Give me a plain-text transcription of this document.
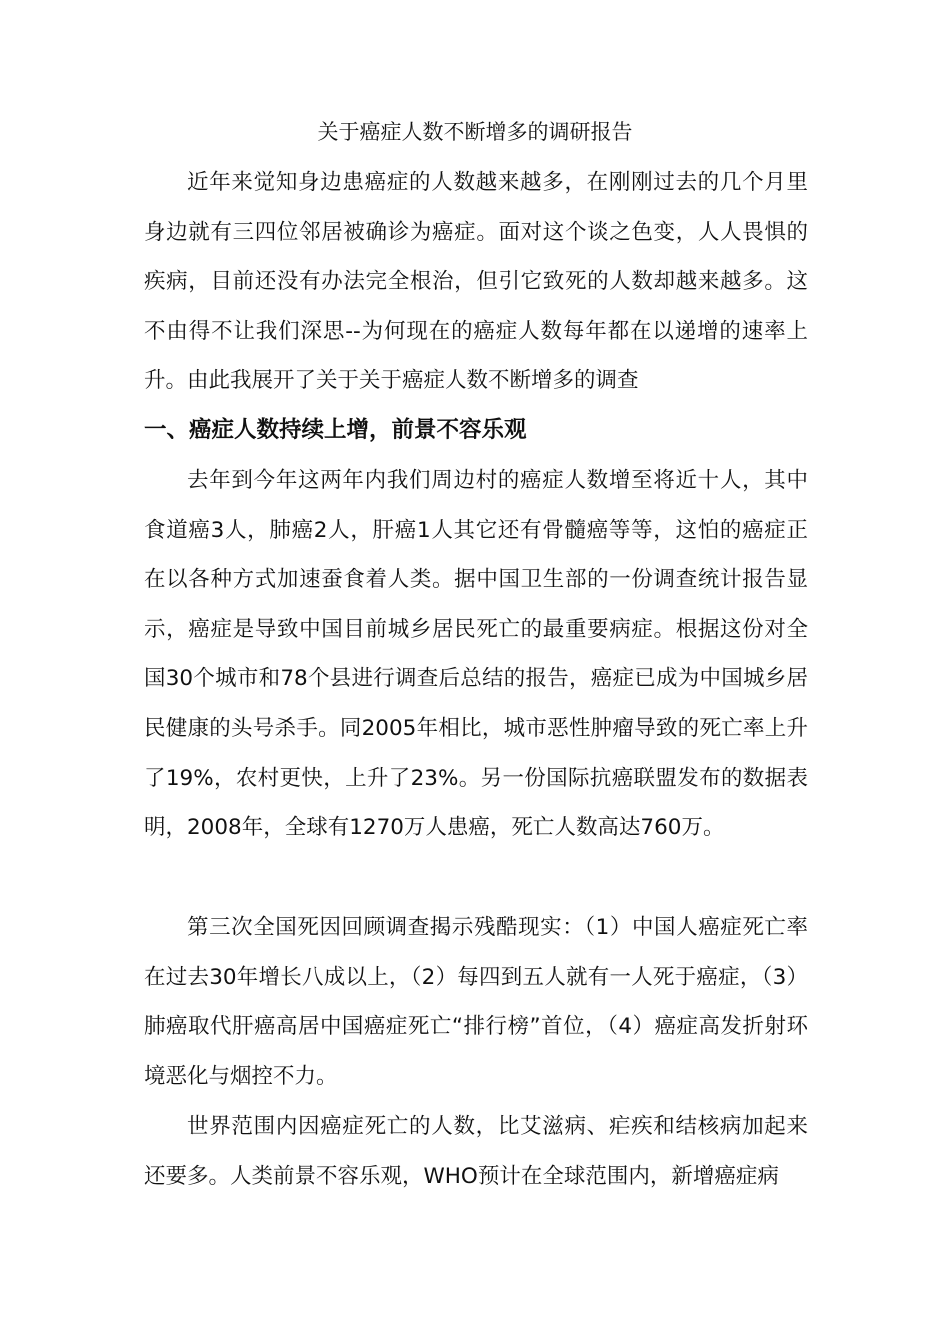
关于癌症人数不断增多的调研报告

近年来觉知身边患癌症的人数越来越多，在刚刚过去的几个月里身边就有三四位邻居被确诊为癌症。面对这个谈之色变，人人畏惧的疾病，目前还没有办法完全根治，但引它致死的人数却越来越多。这不由得不让我们深思--为何现在的癌症人数每年都在以递增的速率上升。由此我展开了关于关于癌症人数不断增多的调查

一、癌症人数持续上增，前景不容乐观

去年到今年这两年内我们周边村的癌症人数增至将近十人，其中食道癌3人，肺癌2人，肝癌1人其它还有骨髓癌等等，这怕的癌症正在以各种方式加速蚕食着人类。据中国卫生部的一份调查统计报告显示，癌症是导致中国目前城乡居民死亡的最重要病症。根据这份对全国30个城市和78个县进行调查后总结的报告，癌症已成为中国城乡居民健康的头号杀手。同2005年相比，城市恶性肿瘤导致的死亡率上升了19%，农村更快，上升了23%。另一份国际抗癌联盟发布的数据表明，2008年，全球有1270万人患癌，死亡人数高达760万。

第三次全国死因回顾调查揭示残酷现实：（1）中国人癌症死亡率在过去30年增长八成以上，（2）每四到五人就有一人死于癌症，（3）肺癌取代肝癌高居中国癌症死亡“排行榜”首位，（4）癌症高发折射环境恶化与烟控不力。

世界范围内因癌症死亡的人数，比艾滋病、疟疾和结核病加起来还要多。人类前景不容乐观，WHO预计在全球范围内，新增癌症病
